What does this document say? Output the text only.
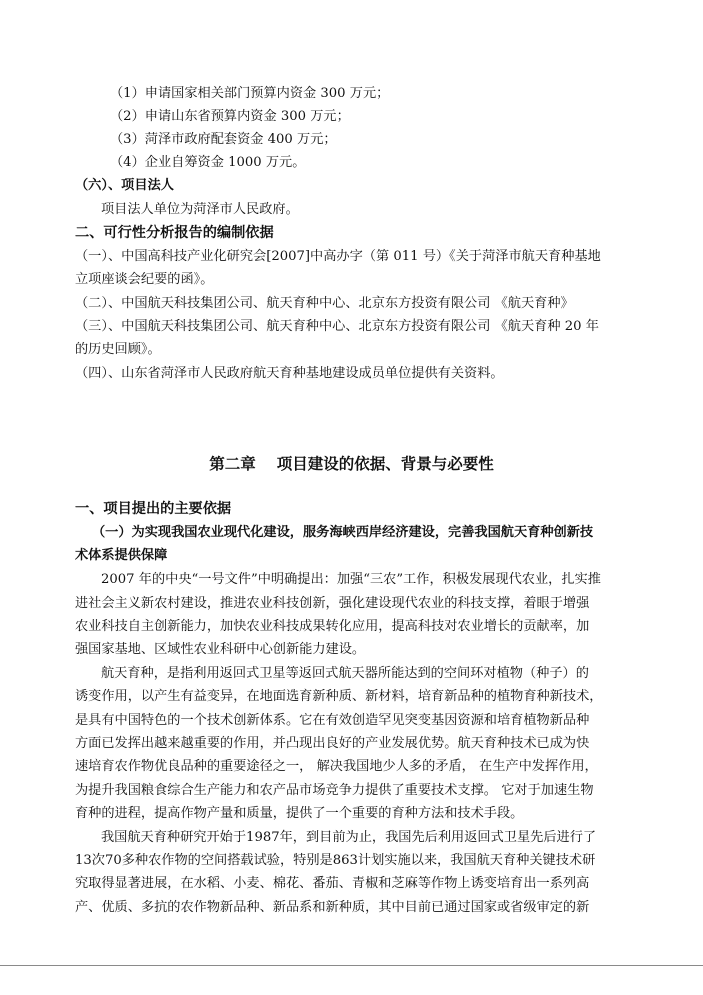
（1）申请国家相关部门预算内资金 300 万元；
（2）申请山东省预算内资金 300 万元；
（3）菏泽市政府配套资金 400 万元；
（4）企业自筹资金 1000 万元。
（六）、项目法人
项目法人单位为菏泽市人民政府。
二、可行性分析报告的编制依据
（一）、中国高科技产业化研究会[2007]中高办字（第 011 号）《关于菏泽市航天育种基地
立项座谈会纪要的函》。
（二）、中国航天科技集团公司、航天育种中心、北京东方投资有限公司 《航天育种》
（三）、中国航天科技集团公司、航天育种中心、北京东方投资有限公司 《航天育种 20 年
的历史回顾》。
（四）、山东省菏泽市人民政府航天育种基地建设成员单位提供有关资料。
第二章　 项目建设的依据、背景与必要性
一、项目提出的主要依据
（一）为实现我国农业现代化建设，服务海峡西岸经济建设，完善我国航天育种创新技
术体系提供保障
2007 年的中央“一号文件”中明确提出：加强“三农”工作，积极发展现代农业，扎实推
进社会主义新农村建设，推进农业科技创新，强化建设现代农业的科技支撑，着眼于增强
农业科技自主创新能力，加快农业科技成果转化应用，提高科技对农业增长的贡献率，加
强国家基地、区域性农业科研中心创新能力建设。
航天育种，是指利用返回式卫星等返回式航天器所能达到的空间环对植物（种子）的
诱变作用，以产生有益变异，在地面选育新种质、新材料，培育新品种的植物育种新技术，
是具有中国特色的一个技术创新体系。它在有效创造罕见突变基因资源和培育植物新品种
方面已发挥出越来越重要的作用，并凸现出良好的产业发展优势。航天育种技术已成为快
速培育农作物优良品种的重要途径之一， 解决我国地少人多的矛盾， 在生产中发挥作用，
为提升我国粮食综合生产能力和农产品市场竞争力提供了重要技术支撑。 它对于加速生物
育种的进程，提高作物产量和质量，提供了一个重要的育种方法和技术手段。
我国航天育种研究开始于1987年，到目前为止，我国先后利用返回式卫星先后进行了
13次70多种农作物的空间搭载试验，特别是863计划实施以来，我国航天育种关键技术研
究取得显著进展，在水稻、小麦、棉花、番茄、青椒和芝麻等作物上诱变培育出一系列高
产、优质、多抗的农作物新品种、新品系和新种质，其中目前已通过国家或省级审定的新
